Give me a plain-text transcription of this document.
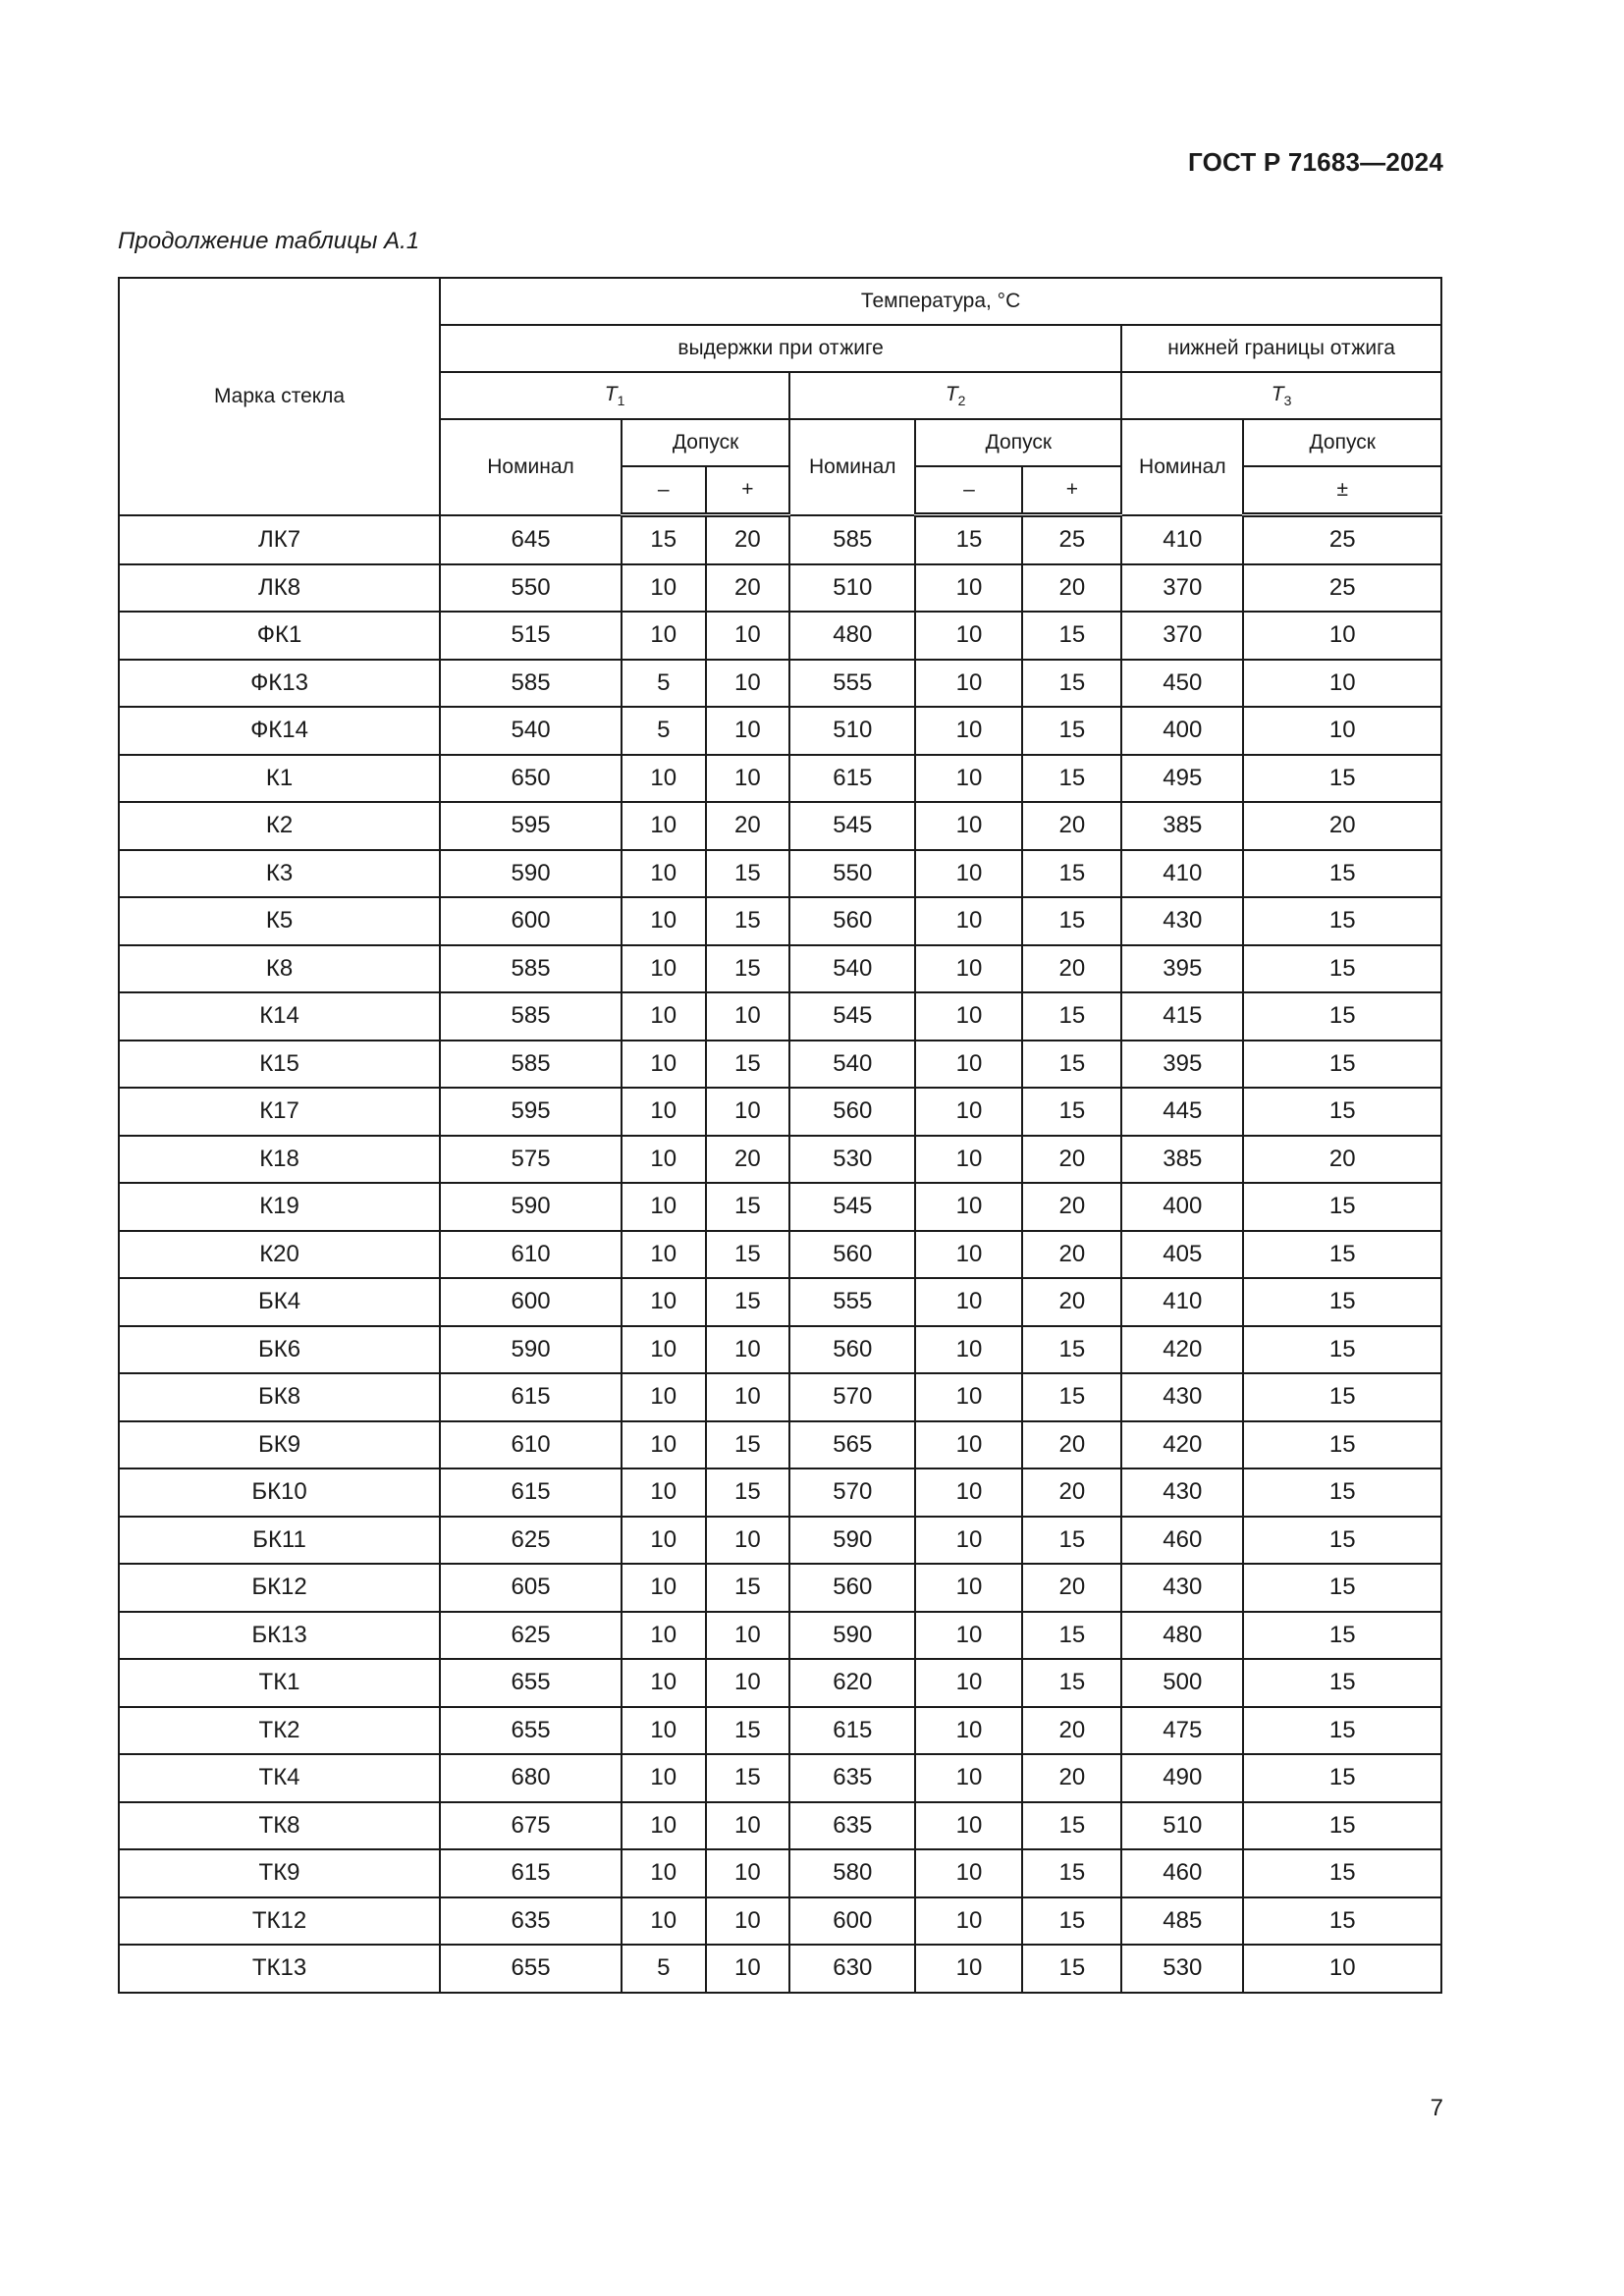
ГОСТ Р 71683—2024
Продолжение таблицы А.1
Марка стекла	Температура, °С							
	выдержки при отжиге						нижней границы отжига	
	$T_1$			$T_2$			$T_3$
	Номинал	Допуск		Номинал	Допуск		Номинал	Допуск
		–	+		–	+		±
ЛК7	645	15	20	585	15	25	410	25
ЛК8	550	10	20	510	10	20	370	25
ФК1	515	10	10	480	10	15	370	10
ФК13	585	5	10	555	10	15	450	10
ФК14	540	5	10	510	10	15	400	10
К1	650	10	10	615	10	15	495	15
К2	595	10	20	545	10	20	385	20
К3	590	10	15	550	10	15	410	15
К5	600	10	15	560	10	15	430	15
К8	585	10	15	540	10	20	395	15
К14	585	10	10	545	10	15	415	15
К15	585	10	15	540	10	15	395	15
К17	595	10	10	560	10	15	445	15
К18	575	10	20	530	10	20	385	20
К19	590	10	15	545	10	20	400	15
К20	610	10	15	560	10	20	405	15
БК4	600	10	15	555	10	20	410	15
БК6	590	10	10	560	10	15	420	15
БК8	615	10	10	570	10	15	430	15
БК9	610	10	15	565	10	20	420	15
БК10	615	10	15	570	10	20	430	15
БК11	625	10	10	590	10	15	460	15
БК12	605	10	15	560	10	20	430	15
БК13	625	10	10	590	10	15	480	15
ТК1	655	10	10	620	10	15	500	15
ТК2	655	10	15	615	10	20	475	15
ТК4	680	10	15	635	10	20	490	15
ТК8	675	10	10	635	10	15	510	15
ТК9	615	10	10	580	10	15	460	15
ТК12	635	10	10	600	10	15	485	15
ТК13	655	5	10	630	10	15	530	10
7
